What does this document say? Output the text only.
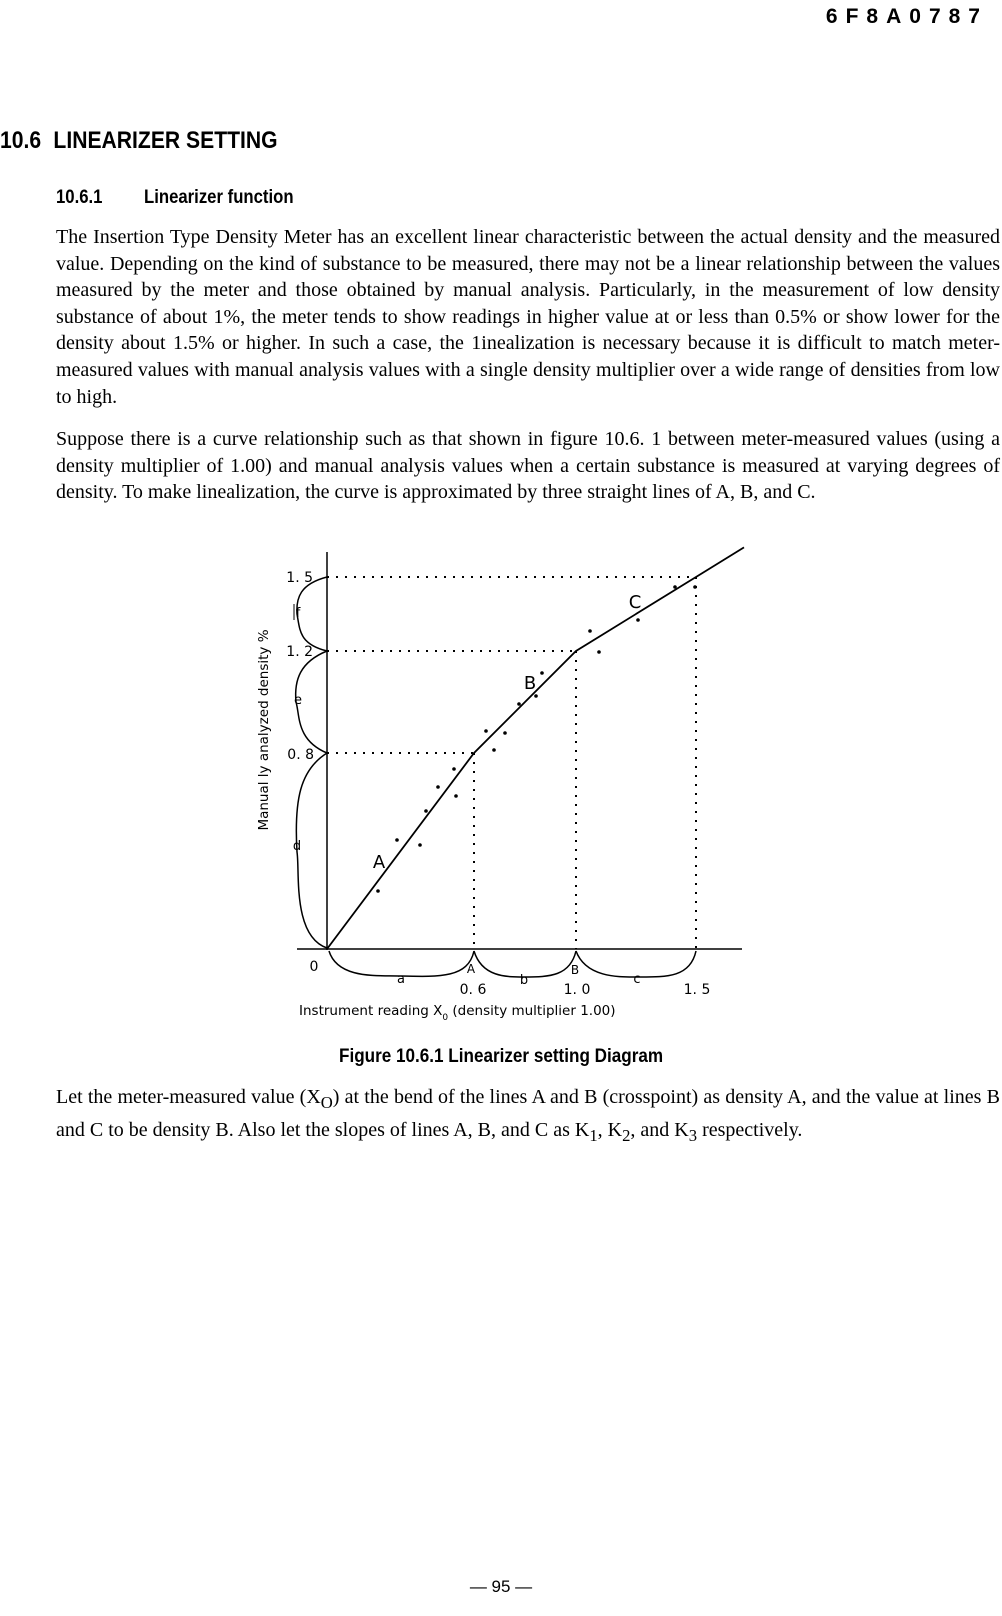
6F8A0787
10.6 LINEARIZER SETTING
10.6.1 Linearizer function

The Insertion Type Density Meter has an excellent linear characteristic between the actual density and the measured value. Depending on the kind of substance to be measured, there may not be a linear relationship between the values measured by the meter and those obtained by manual analysis. Particularly, in the measurement of low density substance of about 1%, the meter tends to show readings in higher value at or less than 0.5% or show lower for the density about 1.5% or higher. In such a case, the 1inealization is necessary because it is difficult to match meter-measured values with manual analysis values with a single density multiplier over a wide range of densities from low to high.

Suppose there is a curve relationship such as that shown in figure 10.6. 1 between meter-measured values (using a density multiplier of 1.00) and manual analysis values when a certain substance is measured at varying degrees of density. To make linealization, the curve is approximated by three straight lines of A, B, and C.

1. 5
1. 2
0. 8
0. 6	1. 0	1. 5
0
A
B
C
a	b	c
d
e
f
A	B
Manual ly analyzed density %
Instrument reading $X_0$ (density multiplier 1.00)
Figure 10.6.1 Linearizer setting Diagram

Let the meter-measured value $(X_O)$ at the bend of the lines A and B (crosspoint) as density A, and the value at lines B and C to be density B. Also let the slopes of lines A, B, and C as $K_1$, $K_2$, and $K_3$ respectively.

— 95 —
